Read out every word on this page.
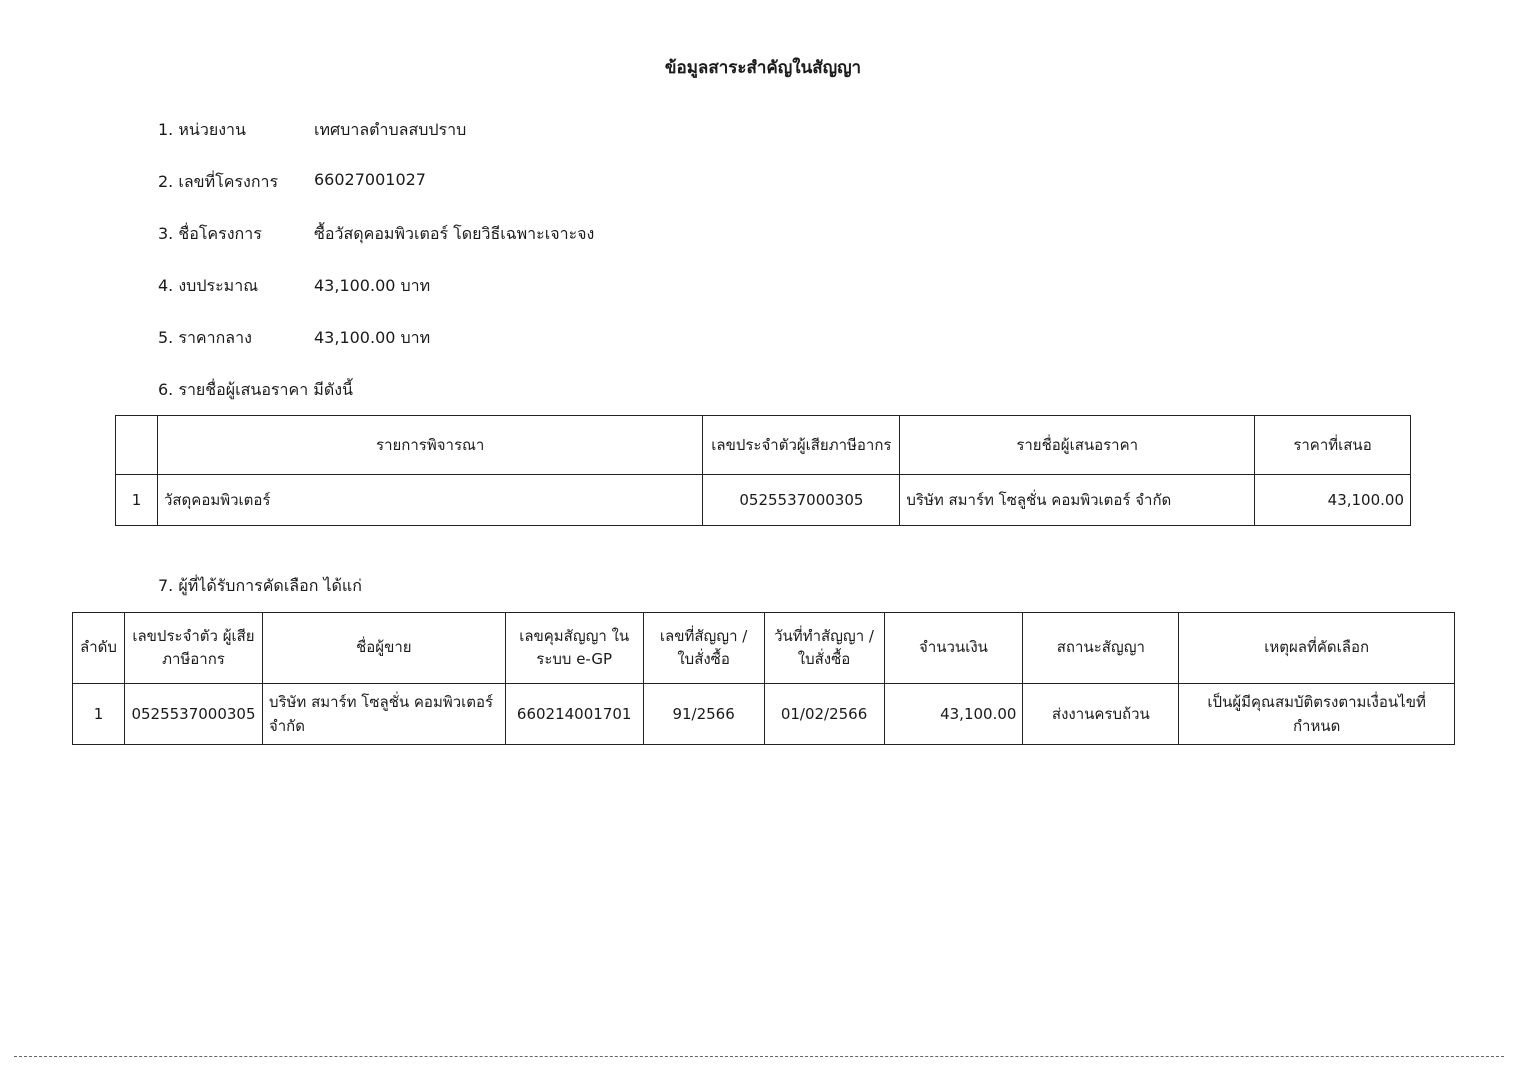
ข้อมูลสาระสำคัญในสัญญา
1. หน่วยงาน	เทศบาลตำบลสบปราบ
2. เลขที่โครงการ	66027001027
3. ชื่อโครงการ	ซื้อวัสดุคอมพิวเตอร์ โดยวิธีเฉพาะเจาะจง
4. งบประมาณ	43,100.00 บาท
5. ราคากลาง	43,100.00 บาท
6. รายชื่อผู้เสนอราคา มีดังนี้
	รายการพิจารณา	เลขประจำตัวผู้เสียภาษีอากร	รายชื่อผู้เสนอราคา	ราคาที่เสนอ
1	วัสดุคอมพิวเตอร์	0525537000305	บริษัท สมาร์ท โซลูชั่น คอมพิวเตอร์ จำกัด	43,100.00
7. ผู้ที่ได้รับการคัดเลือก ได้แก่
ลำดับ	เลขประจำตัว ผู้เสียภาษีอากร	ชื่อผู้ขาย	เลขคุมสัญญา ในระบบ e-GP	เลขที่สัญญา / ใบสั่งซื้อ	วันที่ทำสัญญา / ใบสั่งซื้อ	จำนวนเงิน	สถานะสัญญา	เหตุผลที่คัดเลือก
1	0525537000305	บริษัท สมาร์ท โซลูชั่น คอมพิวเตอร์ จำกัด	660214001701	91/2566	01/02/2566	43,100.00	ส่งงานครบถ้วน	เป็นผู้มีคุณสมบัติตรงตามเงื่อนไขที่กำหนด
